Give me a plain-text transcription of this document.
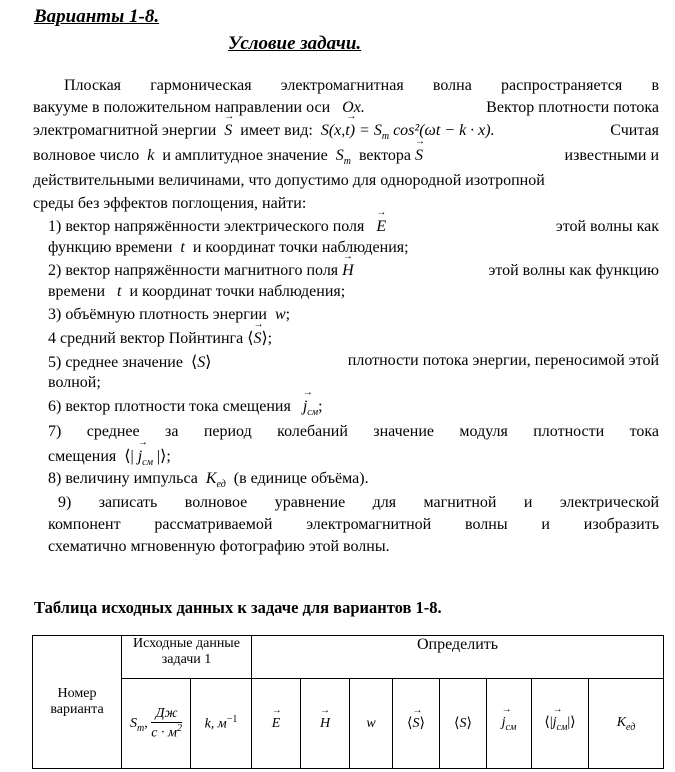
Варианты 1-8.
Условие задачи.
Плоская гармоническая электромагнитная волна распространяется в
вакууме в положительном направлении оси Ox.	Вектор плотности потока
электромагнитной энергии → S имеет вид: → $S(x,t) = S_m$ cos²(ωt − k · x).	Считая
волновое число k и амплитудное значение $S_m$ вектора → S	известными и
действительными величинами, что допустимо для однородной изотропной
среды без эффектов поглощения, найти:
1) вектор напряжённости электрического поля → E	этой волны как
функцию времени t и координат точки наблюдения;
2) вектор напряжённости магнитного поля → H	этой волны как функцию
времени t и координат точки наблюдения;
3) объёмную плотность энергии w;
4 средний вектор Пойнтинга ⟨→ S⟩;
5) среднее значение  ⟨S⟩	плотности потока энергии, переносимой этой
волной;
6) вектор плотности тока смещения → $j_{см}$;
7) среднее за период колебаний значение модуля плотности тока
смещения  ⟨| → $j_{см}$ |⟩;
8) величину импульса $K_{ед}$ (в единице объёма).
9) записать волновое уравнение для магнитной и электрической
компонент рассматриваемой электромагнитной волны и изобразить
схематично мгновенную фотографию этой волны.
Таблица исходных данных к задаче для вариантов 1-8.
Номер варианта	Исходные данные задачи 1		Определить							
	$S_m$,
Дж
$c \cdot м^2$	k, $м^{-1}$	→ E	→ H	w	⟨→ S⟩	⟨S⟩	→ $j_{см}$	⟨|→ $j_{см}|⟩$	$K_{ед}$
